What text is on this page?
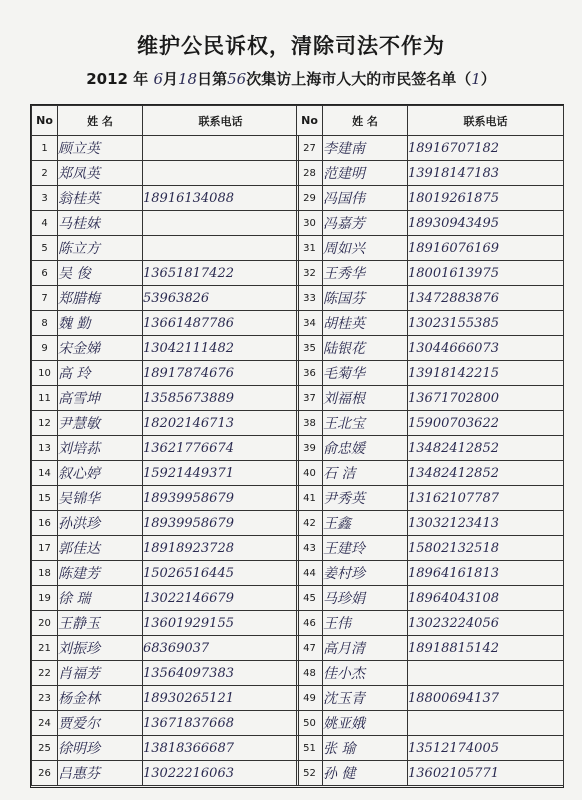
维护公民诉权，清除司法不作为
2012 年 6月18日第56次集访上海市人大的市民签名单（1）
No	姓 名	联系电话
1	顾立英	
2	郑凤英	
3	翁桂英	18916134088
4	马桂妹	
5	陈立方	
6	吴 俊	13651817422
7	郑腊梅	53963826
8	魏 勤	13661487786
9	宋金娣	13042111482
10	高 玲	18917874676
11	高雪坤	13585673889
12	尹慧敏	18202146713
13	刘培荪	13621776674
14	叙心婷	15921449371
15	吴锦华	18939958679
16	孙洪珍	18939958679
17	郭佳达	18918923728
18	陈建芳	15026516445
19	徐 瑞	13022146679
20	王静玉	13601929155
21	刘振珍	68369037
22	肖福芳	13564097383
23	杨金林	18930265121
24	贾爱尔	13671837668
25	徐明珍	13818366687
26	吕惠芬	13022216063
No	姓 名	联系电话
27	李建南	18916707182
28	范建明	13918147183
29	冯国伟	18019261875
30	冯嘉芳	18930943495
31	周如兴	18916076169
32	王秀华	18001613975
33	陈国芬	13472883876
34	胡桂英	13023155385
35	陆银花	13044666073
36	毛菊华	13918142215
37	刘福根	13671702800
38	王北宝	15900703622
39	俞忠媛	13482412852
40	石 洁	13482412852
41	尹秀英	13162107787
42	王鑫	13032123413
43	王建玲	15802132518
44	姜村珍	18964161813
45	马珍娟	18964043108
46	王伟	13023224056
47	高月清	18918815142
48	佳小杰	
49	沈玉青	18800694137
50	姚亚娥	
51	张 瑜	13512174005
52	孙 健	13602105771
